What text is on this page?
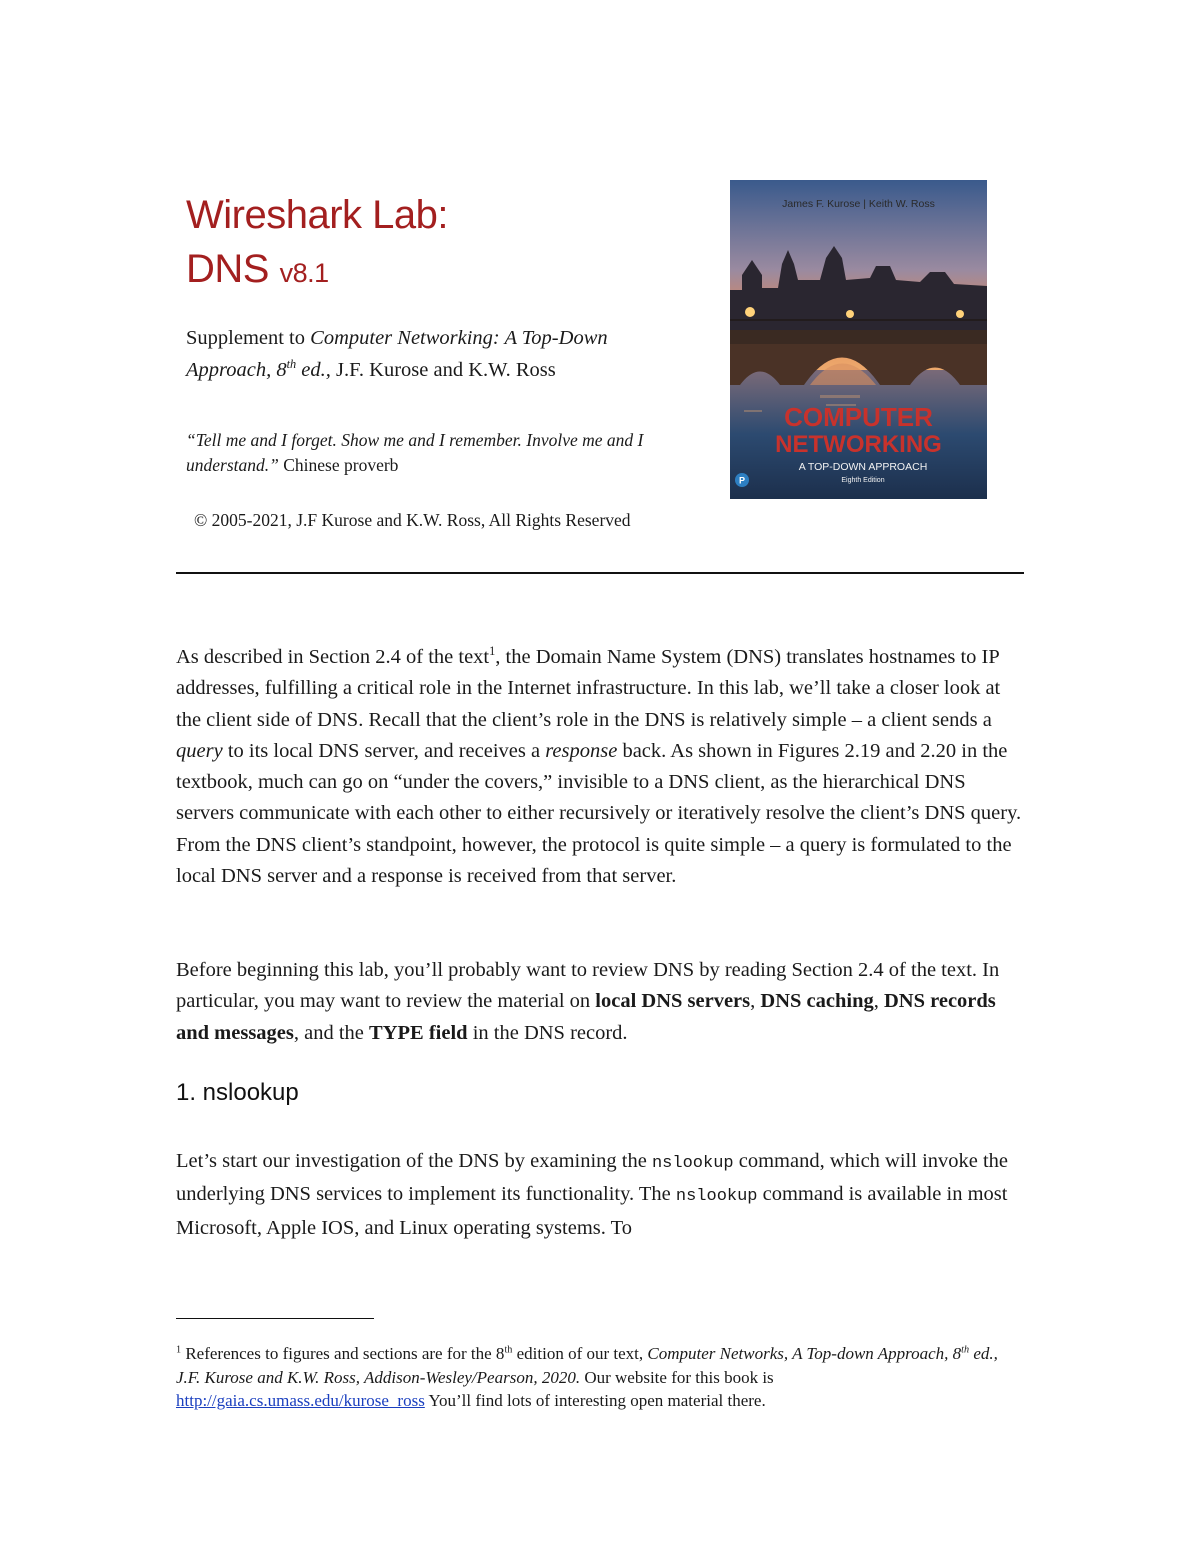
Wireshark Lab:
DNS v8.1
Supplement to Computer Networking: A Top-Down Approach, 8th ed., J.F. Kurose and K.W. Ross
“Tell me and I forget. Show me and I remember. Involve me and I understand.” Chinese proverb
© 2005-2021, J.F Kurose and K.W. Ross, All Rights Reserved
James F. Kurose | Keith W. Ross
COMPUTER
NETWORKING
A TOP-DOWN APPROACH
Eighth Edition
P

As described in Section 2.4 of the text$^1$, the Domain Name System (DNS) translates hostnames to IP addresses, fulfilling a critical role in the Internet infrastructure. In this lab, we’ll take a closer look at the client side of DNS. Recall that the client’s role in the DNS is relatively simple – a client sends a query to its local DNS server, and receives a response back. As shown in Figures 2.19 and 2.20 in the textbook, much can go on “under the covers,” invisible to a DNS client, as the hierarchical DNS servers communicate with each other to either recursively or iteratively resolve the client’s DNS query. From the DNS client’s standpoint, however, the protocol is quite simple – a query is formulated to the local DNS server and a response is received from that server.

Before beginning this lab, you’ll probably want to review DNS by reading Section 2.4 of the text. In particular, you may want to review the material on local DNS servers, DNS caching, DNS records and messages, and the TYPE field in the DNS record.

1. nslookup

Let’s start our investigation of the DNS by examining the nslookup command, which will invoke the underlying DNS services to implement its functionality. The nslookup command is available in most Microsoft, Apple IOS, and Linux operating systems. To

$^1$ References to figures and sections are for the 8th edition of our text, Computer Networks, A Top-down Approach, 8th ed., J.F. Kurose and K.W. Ross, Addison-Wesley/Pearson, 2020. Our website for this book is http://gaia.cs.umass.edu/kurose_ross You’ll find lots of interesting open material there.
